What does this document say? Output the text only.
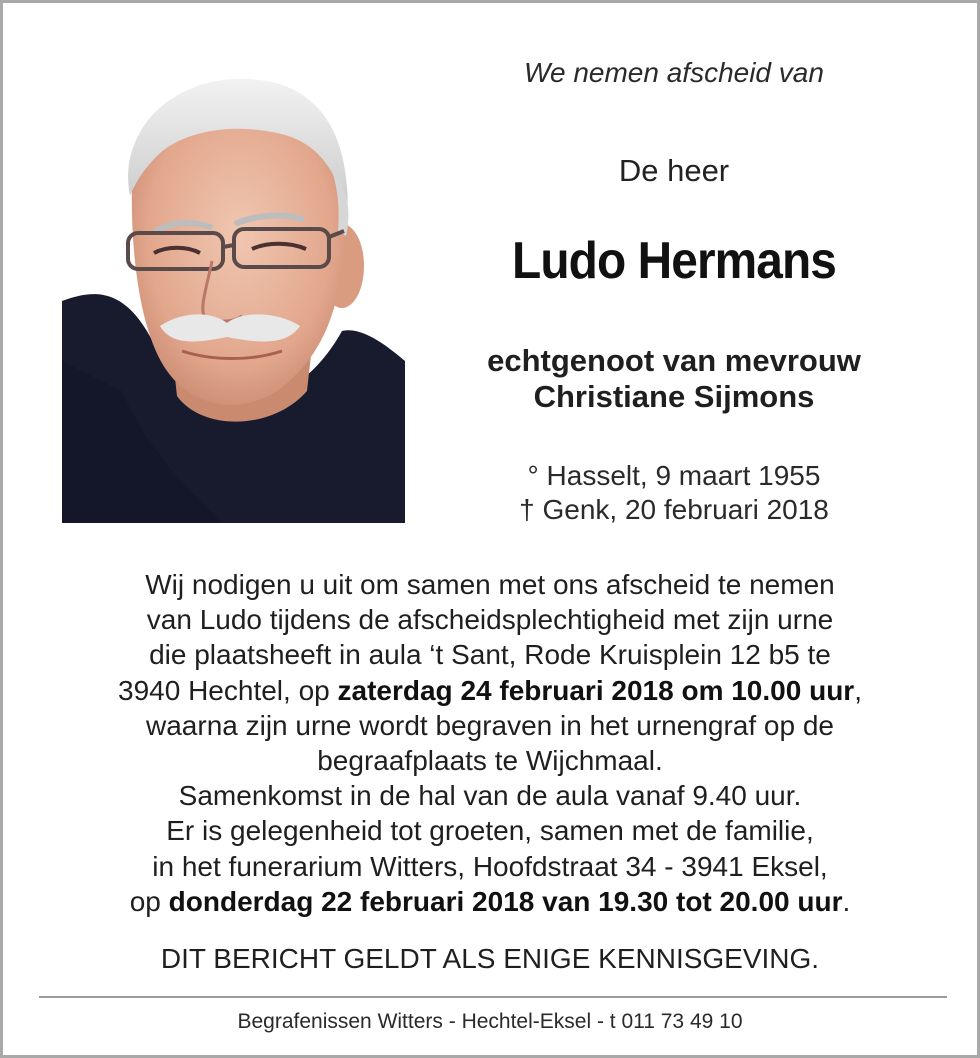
We nemen afscheid van
De heer
Ludo Hermans
echtgenoot van mevrouw
Christiane Sijmons
° Hasselt, 9 maart 1955
† Genk, 20 februari 2018
Wij nodigen u uit om samen met ons afscheid te nemen
van Ludo tijdens de afscheidsplechtigheid met zijn urne
die plaatsheeft in aula ‘t Sant, Rode Kruisplein 12 b5 te
3940 Hechtel, op zaterdag 24 februari 2018 om 10.00 uur,
waarna zijn urne wordt begraven in het urnengraf op de
begraafplaats te Wijchmaal.
Samenkomst in de hal van de aula vanaf 9.40 uur.
Er is gelegenheid tot groeten, samen met de familie,
in het funerarium Witters, Hoofdstraat 34 - 3941 Eksel,
op donderdag 22 februari 2018 van 19.30 tot 20.00 uur.
DIT BERICHT GELDT ALS ENIGE KENNISGEVING.
Begrafenissen Witters - Hechtel-Eksel - t 011 73 49 10
